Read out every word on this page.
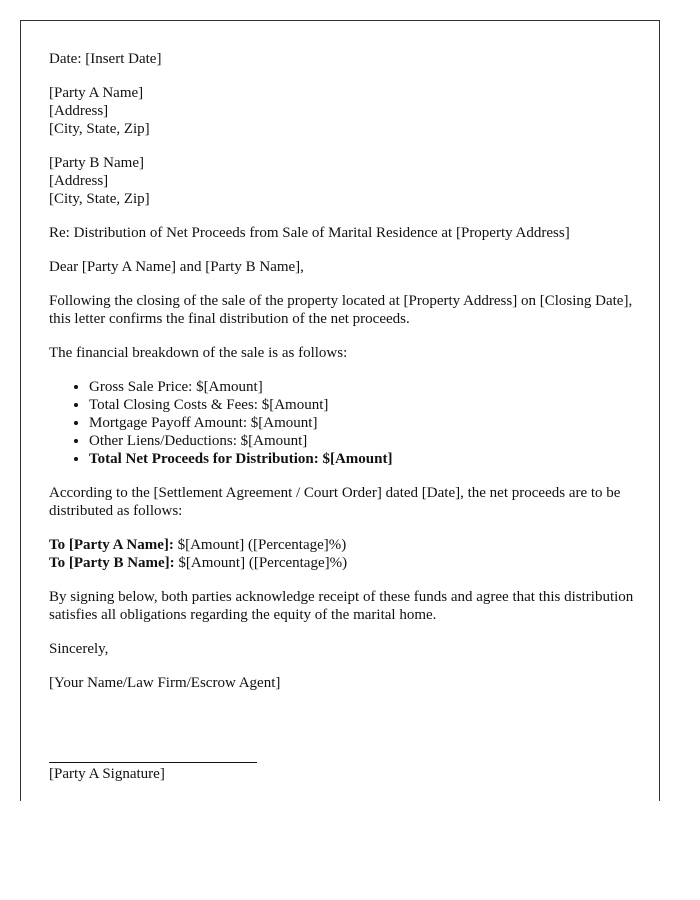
Date: [Insert Date]

[Party A Name]
[Address]
[City, State, Zip]
[Party B Name]
[Address]
[City, State, Zip]

Re: Distribution of Net Proceeds from Sale of Marital Residence at [Property Address]

Dear [Party A Name] and [Party B Name],

Following the closing of the sale of the property located at [Property Address] on [Closing Date], this letter confirms the final distribution of the net proceeds.

The financial breakdown of the sale is as follows:

• Gross Sale Price: $[Amount]
• Total Closing Costs & Fees: $[Amount]
• Mortgage Payoff Amount: $[Amount]
• Other Liens/Deductions: $[Amount]
• Total Net Proceeds for Distribution: $[Amount]

According to the [Settlement Agreement / Court Order] dated [Date], the net proceeds are to be distributed as follows:

To [Party A Name]: $[Amount] ([Percentage]%)
To [Party B Name]: $[Amount] ([Percentage]%)

By signing below, both parties acknowledge receipt of these funds and agree that this distribution satisfies all obligations regarding the equity of the marital home.

Sincerely,

[Your Name/Law Firm/Escrow Agent]

[Party A Signature]
